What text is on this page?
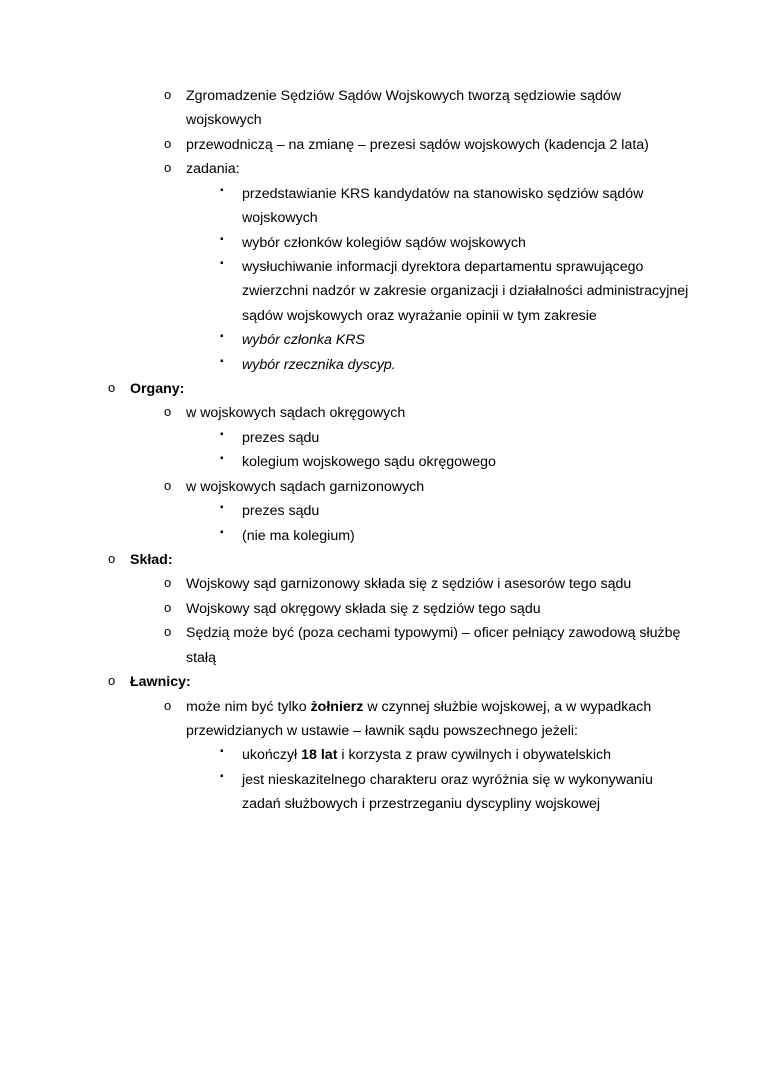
o	Zgromadzenie Sędziów Sądów Wojskowych tworzą sędziowie sądów wojskowych
o	przewodniczą – na zmianę – prezesi sądów wojskowych (kadencja 2 lata)
o	zadania:
▪	przedstawianie KRS kandydatów na stanowisko sędziów sądów wojskowych
▪	wybór członków kolegiów sądów wojskowych
▪	wysłuchiwanie informacji dyrektora departamentu sprawującego zwierzchni nadzór w zakresie organizacji i działalności administracyjnej sądów wojskowych oraz wyrażanie opinii w tym zakresie
▪	wybór członka KRS
▪	wybór rzecznika dyscyp.
o	Organy:
o	w wojskowych sądach okręgowych
▪	prezes sądu
▪	kolegium wojskowego sądu okręgowego
o	w wojskowych sądach garnizonowych
▪	prezes sądu
▪	(nie ma kolegium)
o	Skład:
o	Wojskowy sąd garnizonowy składa się z sędziów i asesorów tego sądu
o	Wojskowy sąd okręgowy składa się z sędziów tego sądu
o	Sędzią może być (poza cechami typowymi) – oficer pełniący zawodową służbę stałą
o	Ławnicy:
o	może nim być tylko żołnierz w czynnej służbie wojskowej, a w wypadkach przewidzianych w ustawie – ławnik sądu powszechnego jeżeli:
▪	ukończył 18 lat i korzysta z praw cywilnych i obywatelskich
▪	jest nieskazitelnego charakteru oraz wyróżnia się w wykonywaniu zadań służbowych i przestrzeganiu dyscypliny wojskowej
